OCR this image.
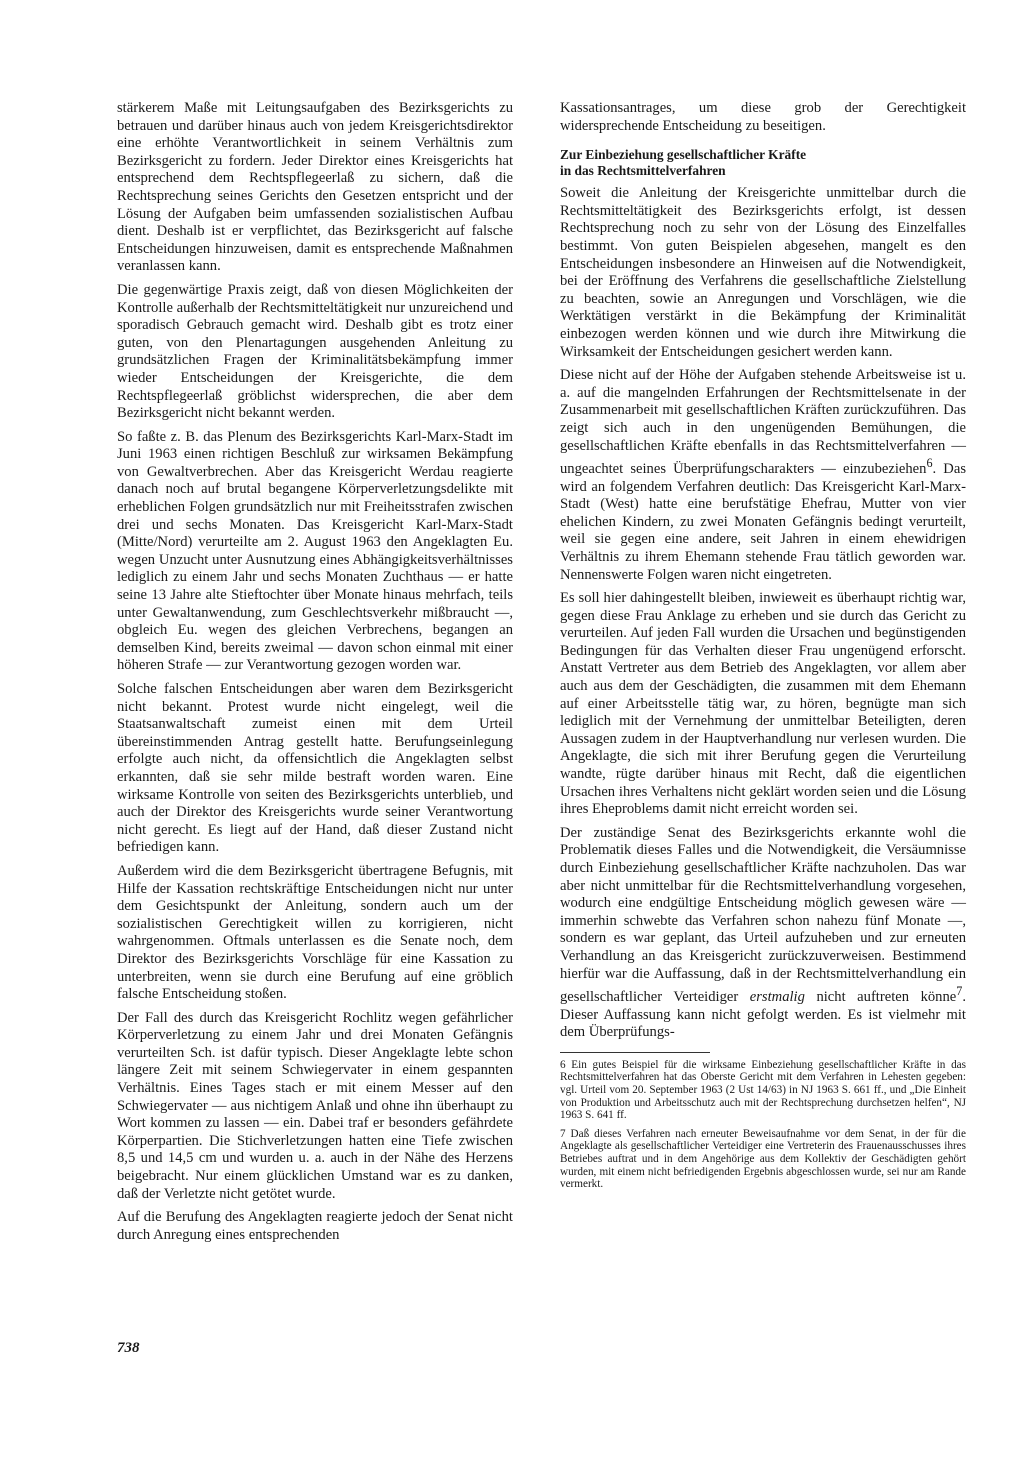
stärkerem Maße mit Leitungsaufgaben des Bezirksgerichts zu betrauen und darüber hinaus auch von jedem Kreisgerichtsdirektor eine erhöhte Verantwortlichkeit in seinem Verhältnis zum Bezirksgericht zu fordern. Jeder Direktor eines Kreisgerichts hat entsprechend dem Rechtspflegeerlaß zu sichern, daß die Rechtsprechung seines Gerichts den Gesetzen entspricht und der Lösung der Aufgaben beim umfassenden sozialistischen Aufbau dient. Deshalb ist er verpflichtet, das Bezirksgericht auf falsche Entscheidungen hinzuweisen, damit es entsprechende Maßnahmen veranlassen kann.

Die gegenwärtige Praxis zeigt, daß von diesen Möglichkeiten der Kontrolle außerhalb der Rechtsmitteltätigkeit nur unzureichend und sporadisch Gebrauch gemacht wird. Deshalb gibt es trotz einer guten, von den Plenartagungen ausgehenden Anleitung zu grundsätzlichen Fragen der Kriminalitätsbekämpfung immer wieder Entscheidungen der Kreisgerichte, die dem Rechtspflegeerlaß gröblichst widersprechen, die aber dem Bezirksgericht nicht bekannt werden.

So faßte z. B. das Plenum des Bezirksgerichts Karl-Marx-Stadt im Juni 1963 einen richtigen Beschluß zur wirksamen Bekämpfung von Gewaltverbrechen. Aber das Kreisgericht Werdau reagierte danach noch auf brutal begangene Körperverletzungsdelikte mit erheblichen Folgen grundsätzlich nur mit Freiheitsstrafen zwischen drei und sechs Monaten. Das Kreisgericht Karl-Marx-Stadt (Mitte/Nord) verurteilte am 2. August 1963 den Angeklagten Eu. wegen Unzucht unter Ausnutzung eines Abhängigkeitsverhältnisses lediglich zu einem Jahr und sechs Monaten Zuchthaus — er hatte seine 13 Jahre alte Stieftochter über Monate hinaus mehrfach, teils unter Gewaltanwendung, zum Geschlechtsverkehr mißbraucht —, obgleich Eu. wegen des gleichen Verbrechens, begangen an demselben Kind, bereits zweimal — davon schon einmal mit einer höheren Strafe — zur Verantwortung gezogen worden war.

Solche falschen Entscheidungen aber waren dem Bezirksgericht nicht bekannt. Protest wurde nicht eingelegt, weil die Staatsanwaltschaft zumeist einen mit dem Urteil übereinstimmenden Antrag gestellt hatte. Berufungseinlegung erfolgte auch nicht, da offensichtlich die Angeklagten selbst erkannten, daß sie sehr milde bestraft worden waren. Eine wirksame Kontrolle von seiten des Bezirksgerichts unterblieb, und auch der Direktor des Kreisgerichts wurde seiner Verantwortung nicht gerecht. Es liegt auf der Hand, daß dieser Zustand nicht befriedigen kann.

Außerdem wird die dem Bezirksgericht übertragene Befugnis, mit Hilfe der Kassation rechtskräftige Entscheidungen nicht nur unter dem Gesichtspunkt der Anleitung, sondern auch um der sozialistischen Gerechtigkeit willen zu korrigieren, nicht wahrgenommen. Oftmals unterlassen es die Senate noch, dem Direktor des Bezirksgerichts Vorschläge für eine Kassation zu unterbreiten, wenn sie durch eine Berufung auf eine gröblich falsche Entscheidung stoßen.

Der Fall des durch das Kreisgericht Rochlitz wegen gefährlicher Körperverletzung zu einem Jahr und drei Monaten Gefängnis verurteilten Sch. ist dafür typisch. Dieser Angeklagte lebte schon längere Zeit mit seinem Schwiegervater in einem gespannten Verhältnis. Eines Tages stach er mit einem Messer auf den Schwiegervater — aus nichtigem Anlaß und ohne ihn überhaupt zu Wort kommen zu lassen — ein. Dabei traf er besonders gefährdete Körperpartien. Die Stichverletzungen hatten eine Tiefe zwischen 8,5 und 14,5 cm und wurden u. a. auch in der Nähe des Herzens beigebracht. Nur einem glücklichen Umstand war es zu danken, daß der Verletzte nicht getötet wurde.

Auf die Berufung des Angeklagten reagierte jedoch der Senat nicht durch Anregung eines entsprechenden

Kassationsantrages, um diese grob der Gerechtigkeit widersprechende Entscheidung zu beseitigen.

Zur Einbeziehung gesellschaftlicher Kräfte
in das Rechtsmittelverfahren

Soweit die Anleitung der Kreisgerichte unmittelbar durch die Rechtsmitteltätigkeit des Bezirksgerichts erfolgt, ist dessen Rechtsprechung noch zu sehr von der Lösung des Einzelfalles bestimmt. Von guten Beispielen abgesehen, mangelt es den Entscheidungen insbesondere an Hinweisen auf die Notwendigkeit, bei der Eröffnung des Verfahrens die gesellschaftliche Zielstellung zu beachten, sowie an Anregungen und Vorschlägen, wie die Werktätigen verstärkt in die Bekämpfung der Kriminalität einbezogen werden können und wie durch ihre Mitwirkung die Wirksamkeit der Entscheidungen gesichert werden kann.

Diese nicht auf der Höhe der Aufgaben stehende Arbeitsweise ist u. a. auf die mangelnden Erfahrungen der Rechtsmittelsenate in der Zusammenarbeit mit gesellschaftlichen Kräften zurückzuführen. Das zeigt sich auch in den ungenügenden Bemühungen, die gesellschaftlichen Kräfte ebenfalls in das Rechtsmittelverfahren — ungeachtet seines Überprüfungscharakters — einzubeziehen$^6$. Das wird an folgendem Verfahren deutlich: Das Kreisgericht Karl-Marx-Stadt (West) hatte eine berufstätige Ehefrau, Mutter von vier ehelichen Kindern, zu zwei Monaten Gefängnis bedingt verurteilt, weil sie gegen eine andere, seit Jahren in einem ehewidrigen Verhältnis zu ihrem Ehemann stehende Frau tätlich geworden war. Nennenswerte Folgen waren nicht eingetreten.

Es soll hier dahingestellt bleiben, inwieweit es überhaupt richtig war, gegen diese Frau Anklage zu erheben und sie durch das Gericht zu verurteilen. Auf jeden Fall wurden die Ursachen und begünstigenden Bedingungen für das Verhalten dieser Frau ungenügend erforscht. Anstatt Vertreter aus dem Betrieb des Angeklagten, vor allem aber auch aus dem der Geschädigten, die zusammen mit dem Ehemann auf einer Arbeitsstelle tätig war, zu hören, begnügte man sich lediglich mit der Vernehmung der unmittelbar Beteiligten, deren Aussagen zudem in der Hauptverhandlung nur verlesen wurden. Die Angeklagte, die sich mit ihrer Berufung gegen die Verurteilung wandte, rügte darüber hinaus mit Recht, daß die eigentlichen Ursachen ihres Verhaltens nicht geklärt worden seien und die Lösung ihres Eheproblems damit nicht erreicht worden sei.

Der zuständige Senat des Bezirksgerichts erkannte wohl die Problematik dieses Falles und die Notwendigkeit, die Versäumnisse durch Einbeziehung gesellschaftlicher Kräfte nachzuholen. Das war aber nicht unmittelbar für die Rechtsmittelverhandlung vorgesehen, wodurch eine endgültige Entscheidung möglich gewesen wäre — immerhin schwebte das Verfahren schon nahezu fünf Monate —, sondern es war geplant, das Urteil aufzuheben und zur erneuten Verhandlung an das Kreisgericht zurückzuverweisen. Bestimmend hierfür war die Auffassung, daß in der Rechtsmittelverhandlung ein gesellschaftlicher Verteidiger erstmalig nicht auftreten könne$^7$. Dieser Auffassung kann nicht gefolgt werden. Es ist vielmehr mit dem Überprüfungs-

6 Ein gutes Beispiel für die wirksame Einbeziehung gesellschaftlicher Kräfte in das Rechtsmittelverfahren hat das Oberste Gericht mit dem Verfahren in Lehesten gegeben: vgl. Urteil vom 20. September 1963 (2 Ust 14/63) in NJ 1963 S. 661 ff., und „Die Einheit von Produktion und Arbeitsschutz auch mit der Rechtsprechung durchsetzen helfen“, NJ 1963 S. 641 ff.

7 Daß dieses Verfahren nach erneuter Beweisaufnahme vor dem Senat, in der für die Angeklagte als gesellschaftlicher Verteidiger eine Vertreterin des Frauenausschusses ihres Betriebes auftrat und in dem Angehörige aus dem Kollektiv der Geschädigten gehört wurden, mit einem nicht befriedigenden Ergebnis abgeschlossen wurde, sei nur am Rande vermerkt.

738
